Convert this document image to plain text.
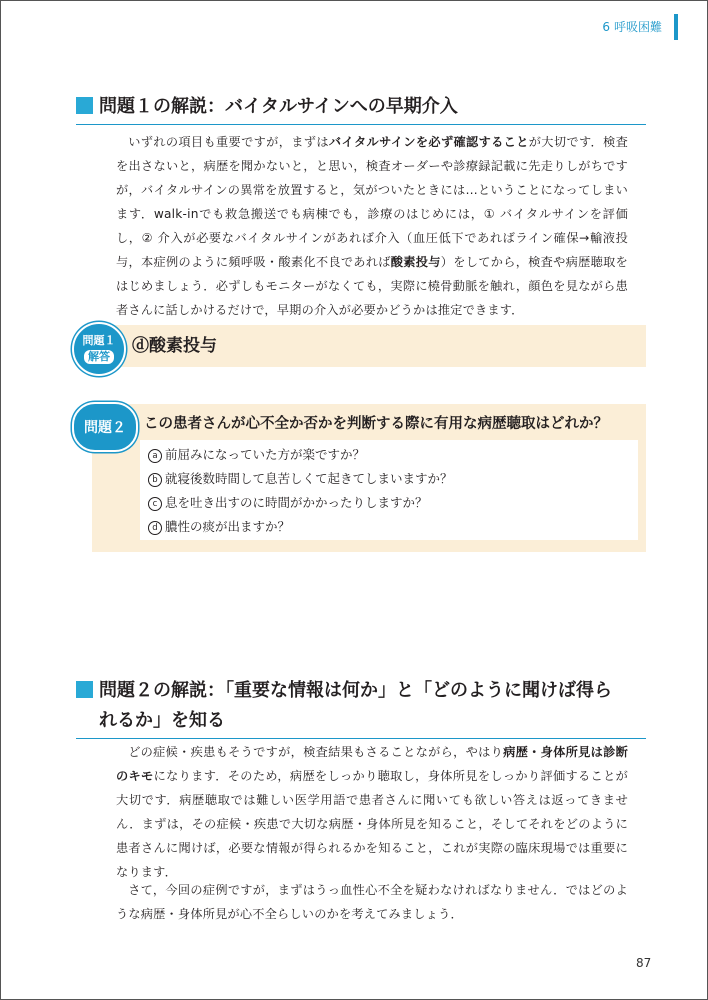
6 呼吸困難
問題１の解説：バイタルサインへの早期介入

いずれの項目も重要ですが，まずはバイタルサインを必ず確認することが大切です．検査を出さないと，病歴を聞かないと，と思い，検査オーダーや診療録記載に先走りしがちですが，バイタルサインの異常を放置すると，気がついたときには…ということになってしまいます．walk-inでも救急搬送でも病棟でも，診療のはじめには，① バイタルサインを評価し，② 介入が必要なバイタルサインがあれば介入（血圧低下であればライン確保→輸液投与，本症例のように頻呼吸・酸素化不良であれば酸素投与）をしてから，検査や病歴聴取をはじめましょう．必ずしもモニターがなくても，実際に橈骨動脈を触れ，顔色を見ながら患者さんに話しかけるだけで，早期の介入が必要かどうかは推定できます．

問題１
解答
ⓓ酸素投与
問題２	この患者さんが心不全か否かを判断する際に有用な病歴聴取はどれか？
a 前屈みになっていた方が楽ですか？
b 就寝後数時間して息苦しくて起きてしまいますか？
c 息を吐き出すのに時間がかかったりしますか？
d 膿性の痰が出ますか？
問題２の解説：「重要な情報は何か」と「どのように聞けば得ら
れるか」を知る

どの症候・疾患もそうですが，検査結果もさることながら，やはり病歴・身体所見は診断のキモになります．そのため，病歴をしっかり聴取し，身体所見をしっかり評価することが大切です．病歴聴取では難しい医学用語で患者さんに聞いても欲しい答えは返ってきません．まずは，その症候・疾患で大切な病歴・身体所見を知ること，そしてそれをどのように患者さんに聞けば，必要な情報が得られるかを知ること，これが実際の臨床現場では重要になります．

さて，今回の症例ですが，まずはうっ血性心不全を疑わなければなりません．ではどのような病歴・身体所見が心不全らしいのかを考えてみましょう．

87
